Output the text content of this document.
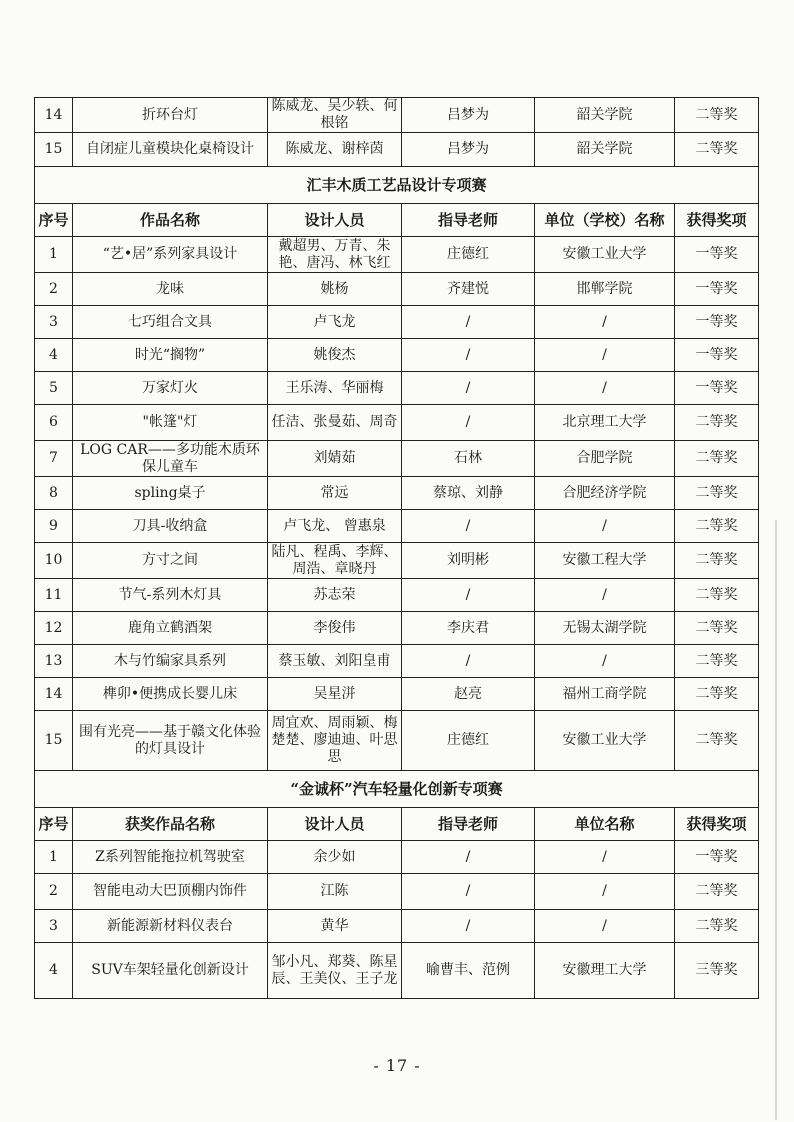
14	折环台灯	陈威龙、吴少轶、何根铭	吕梦为	韶关学院	二等奖
15	自闭症儿童模块化桌椅设计	陈威龙、谢梓茵	吕梦为	韶关学院	二等奖
汇丰木质工艺品设计专项赛					
序号	作品名称	设计人员	指导老师	单位（学校）名称	获得奖项
1	“艺•居”系列家具设计	戴超男、万青、朱艳、唐冯、林飞红	庄德红	安徽工业大学	一等奖
2	龙味	姚杨	齐建悦	邯郸学院	一等奖
3	七巧组合文具	卢飞龙	/	/	一等奖
4	时光“搁物”	姚俊杰	/	/	一等奖
5	万家灯火	王乐涛、华丽梅	/	/	一等奖
6	"帐篷"灯	任洁、张曼茹、周奇	/	北京理工大学	二等奖
7	LOG CAR——多功能木质环保儿童车	刘婧茹	石林	合肥学院	二等奖
8	spling桌子	常远	蔡琼、刘静	合肥经济学院	二等奖
9	刀具-收纳盒	卢飞龙、 曾惠泉	/	/	二等奖
10	方寸之间	陆凡、程禹、李辉、周浩、章晓丹	刘明彬	安徽工程大学	二等奖
11	节气-系列木灯具	苏志荣	/	/	二等奖
12	鹿角立鹤酒架	李俊伟	李庆君	无锡太湖学院	二等奖
13	木与竹编家具系列	蔡玉敏、刘阳皇甫	/	/	二等奖
14	榫卯•便携成长婴儿床	吴星洴	赵亮	福州工商学院	二等奖
15	围有光亮——基于赣文化体验的灯具设计	周宜欢、周雨颖、梅楚楚、廖迪迪、叶思思	庄德红	安徽工业大学	二等奖
“金诚杯”汽车轻量化创新专项赛					
序号	获奖作品名称	设计人员	指导老师	单位名称	获得奖项
1	Z系列智能拖拉机驾驶室	余少如	/	/	一等奖
2	智能电动大巴顶棚内饰件	江陈	/	/	二等奖
3	新能源新材料仪表台	黄华	/	/	二等奖
4	SUV车架轻量化创新设计	邹小凡、郑葵、陈星辰、王美仪、王子龙	喻曹丰、范例	安徽理工大学	三等奖
- 17 -
